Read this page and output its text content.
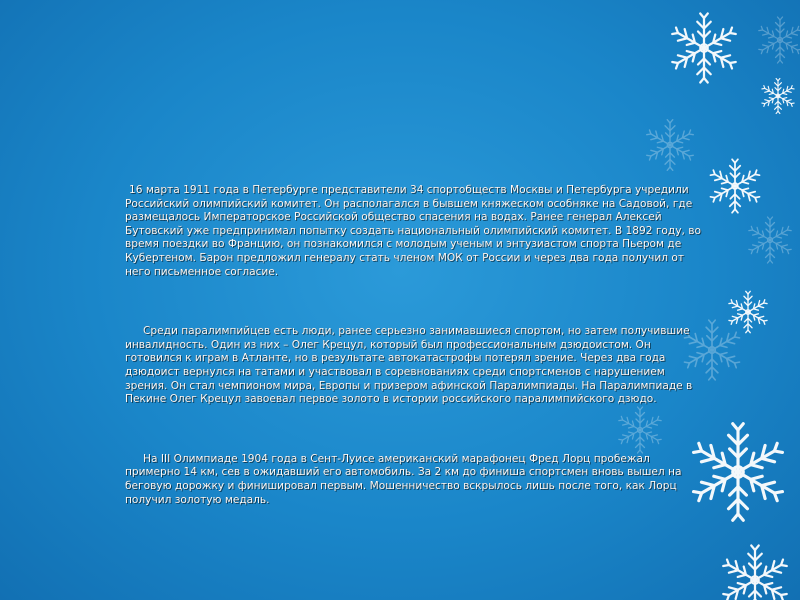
16 марта 1911 года в Петербурге представители 34 спортобществ Москвы и Петербурга учредили Российский олимпийский комитет. Он располагался в бывшем княжеском особняке на Садовой, где размещалось Императорское Российской общество спасения на водах. Ранее генерал Алексей Бутовский уже предпринимал попытку создать национальный олимпийский комитет. В 1892 году, во время поездки во Францию, он познакомился с молодым ученым и энтузиастом спорта Пьером де Кубертеном. Барон предложил генералу стать членом МОК от России и через два года получил от него письменное согласие.

Среди паралимпийцев есть люди, ранее серьезно занимавшиеся спортом, но затем получившие инвалидность. Один из них – Олег Крецул, который был профессиональным дзюдоистом. Он готовился к играм в Атланте, но в результате автокатастрофы потерял зрение. Через два года дзюдоист вернулся на татами и участвовал в соревнованиях среди спортсменов с нарушением зрения. Он стал чемпионом мира, Европы и призером афинской Паралимпиады. На Паралимпиаде в Пекине Олег Крецул завоевал первое золото в истории российского паралимпийского дзюдо.

На III Олимпиаде 1904 года в Сент-Луисе американский марафонец Фред Лорц пробежал примерно 14 км, сев в ожидавший его автомобиль. За 2 км до финиша спортсмен вновь вышел на беговую дорожку и финишировал первым. Мошенничество вскрылось лишь после того, как Лорц получил золотую медаль.
